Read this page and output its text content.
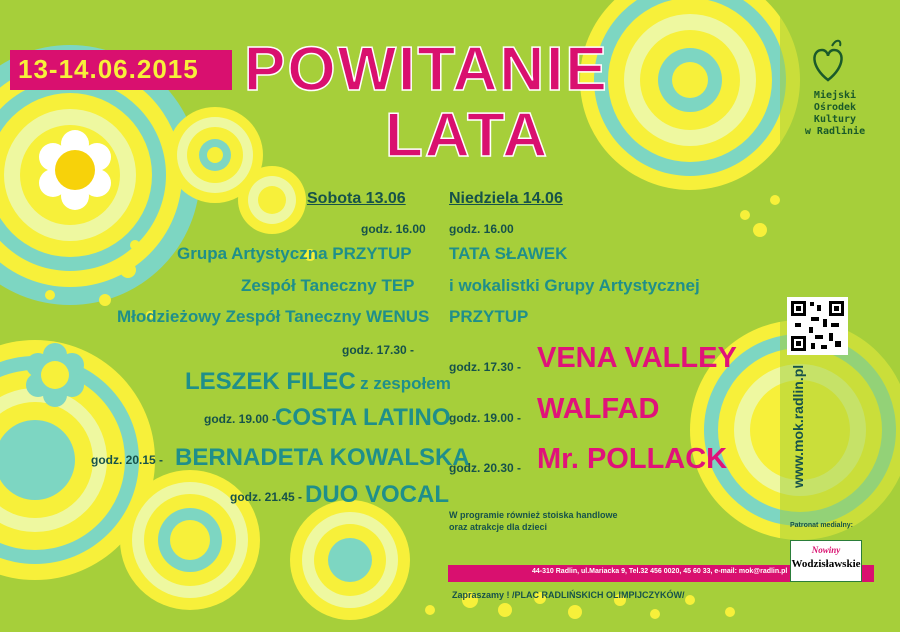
13-14.06.2015 POWITANIE
LATA
Miejski
Ośrodek
Kultury
w Radlinie
www.mok.radlin.pl
Sobota 13.06
godz. 16.00
Grupa Artystyczna PRZYTUP
Zespół Taneczny TEP
Młodzieżowy Zespół Taneczny WENUS
godz. 17.30 -
LESZEK FILEC z zespołem
godz. 19.00 -
COSTA LATINO
godz. 20.15 - BERNADETA KOWALSKA
godz. 21.45 - DUO VOCAL
Niedziela 14.06
godz. 16.00
TATA SŁAWEK
i wokalistki Grupy Artystycznej
PRZYTUP
godz. 17.30 - VENA VALLEY
godz. 19.00 - WALFAD
godz. 20.30 - Mr. POLLACK
W programie również stoiska handlowe
oraz atrakcje dla dzieci
44-310 Radlin, ul.Mariacka 9, Tel.32 456 0020, 45 60 33, e-mail: mok@radlin.pl
Zapraszamy ! /PLAC RADLIŃSKICH OLIMPIJCZYKÓW/
Patronat medialny:
Nowiny
Wodzisławskie
